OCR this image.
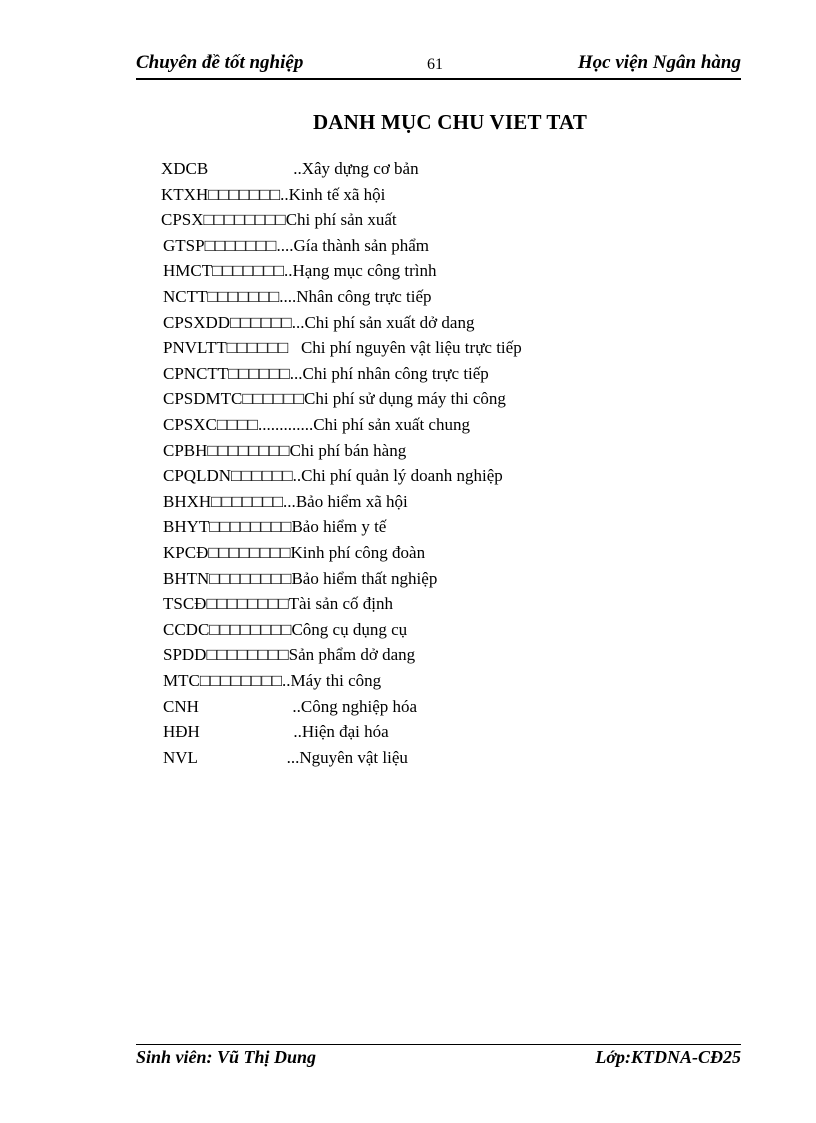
Chuyên đề tốt nghiệp	61	Học viện Ngân hàng
DANH MỤC CHU VIET TAT
XDCB                    ..Xây dựng cơ bản
KTXH□□□□□□□..Kinh tế xã hội
CPSX□□□□□□□□Chi phí sản xuất
GTSP□□□□□□□....Gía thành sản phẩm
HMCT□□□□□□□..Hạng mục công trình
NCTT□□□□□□□....Nhân công trực tiếp
CPSXDD□□□□□□...Chi phí sản xuất dở dang
PNVLTT□□□□□□   Chi phí nguyên vật liệu trực tiếp
CPNCTT□□□□□□...Chi phí nhân công trực tiếp
CPSDMTC□□□□□□Chi phí sử dụng máy thi công
CPSXC□□□□.............Chi phí sản xuất chung
CPBH□□□□□□□□Chi phí bán hàng
CPQLDN□□□□□□..Chi phí quản lý doanh nghiệp
BHXH□□□□□□□...Bảo hiểm xã hội
BHYT□□□□□□□□Bảo hiểm y tế
KPCĐ□□□□□□□□Kinh phí công đoàn
BHTN□□□□□□□□Bảo hiểm thất nghiệp
TSCĐ□□□□□□□□Tài sản cố định
CCDC□□□□□□□□Công cụ dụng cụ
SPDD□□□□□□□□Sản phẩm dở dang
MTC□□□□□□□□..Máy thi công
CNH                      ..Công nghiệp hóa
HĐH                      ..Hiện đại hóa
NVL                     ...Nguyên vật liệu
Sinh viên: Vũ Thị Dung	Lớp:KTDNA-CĐ25
